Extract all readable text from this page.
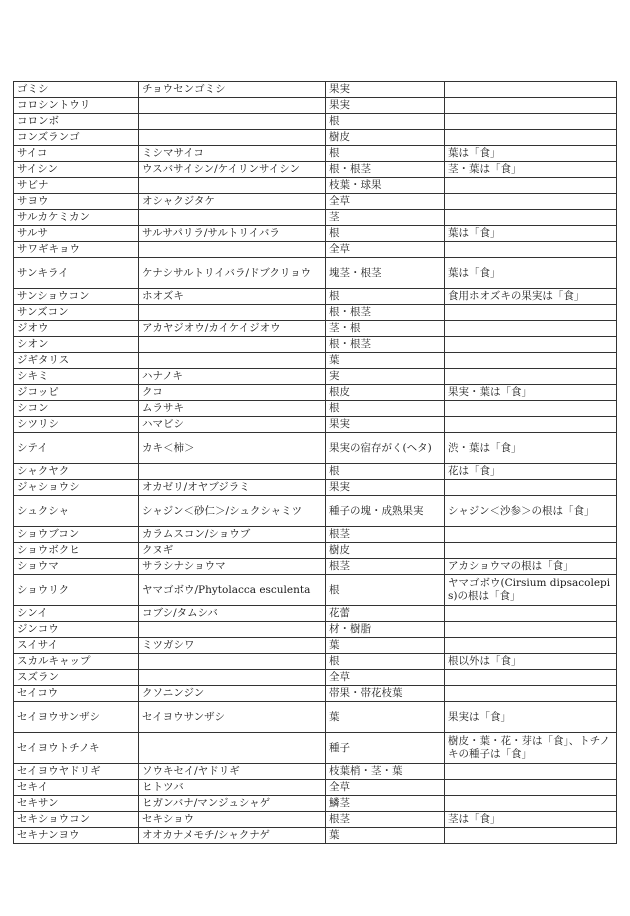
ゴミシ	チョウセンゴミシ	果実	
コロシントウリ		果実	
コロンボ		根	
コンズランゴ		樹皮	
サイコ	ミシマサイコ	根	葉は「食」
サイシン	ウスバサイシン/ケイリンサイシン	根・根茎	茎・葉は「食」
サビナ		枝葉・球果	
サヨウ	オシャクジタケ	全草	
サルカケミカン		茎	
サルサ	サルサパリラ/サルトリイバラ	根	葉は「食」
サワギキョウ		全草	
サンキライ	ケナシサルトリイバラ/ドブクリョウ	塊茎・根茎	葉は「食」
サンショウコン	ホオズキ	根	食用ホオズキの果実は「食」
サンズコン		根・根茎	
ジオウ	アカヤジオウ/カイケイジオウ	茎・根	
シオン		根・根茎	
ジギタリス		葉	
シキミ	ハナノキ	実	
ジコッピ	クコ	根皮	果実・葉は「食」
シコン	ムラサキ	根	
シツリシ	ハマビシ	果実	
シテイ	カキ＜柿＞	果実の宿存がく(ヘタ)	渋・葉は「食」
シャクヤク		根	花は「食」
ジャショウシ	オカゼリ/オヤブジラミ	果実	
シュクシャ	シャジン＜砂仁＞/シュクシャミツ	種子の塊・成熟果実	シャジン＜沙参＞の根は「食」
ショウブコン	カラムスコン/ショウブ	根茎	
ショウボクヒ	クヌギ	樹皮	
ショウマ	サラシナショウマ	根茎	アカショウマの根は「食」
ショウリク	ヤマゴボウ/Phytolacca esculenta	根	ヤマゴボウ(Cirsium dipsacolepis)の根は「食」
シンイ	コブシ/タムシバ	花蕾	
ジンコウ		材・樹脂	
スイサイ	ミツガシワ	葉	
スカルキャップ		根	根以外は「食」
スズラン		全草	
セイコウ	クソニンジン	帯果・帯花枝葉	
セイヨウサンザシ	セイヨウサンザシ	葉	果実は「食」
セイヨウトチノキ		種子	樹皮・葉・花・芽は「食」、トチノキの種子は「食」
セイヨウヤドリギ	ソウキセイ/ヤドリギ	枝葉梢・茎・葉	
セキイ	ヒトツバ	全草	
セキサン	ヒガンバナ/マンジュシャゲ	鱗茎	
セキショウコン	セキショウ	根茎	茎は「食」
セキナンヨウ	オオカナメモチ/シャクナゲ	葉	
